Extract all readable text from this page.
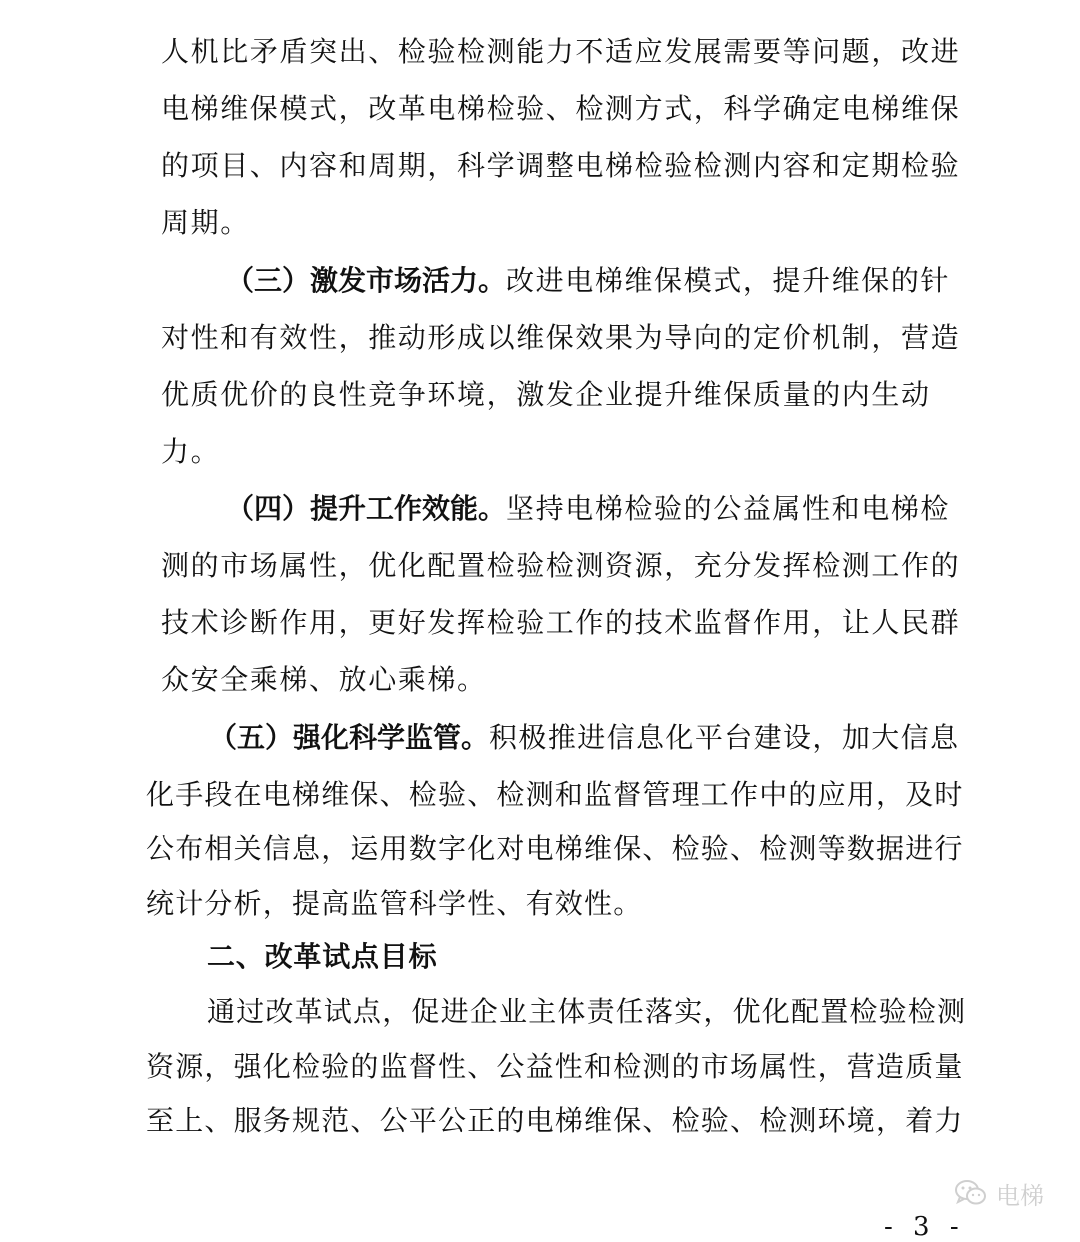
人机比矛盾突出、检验检测能力不适应发展需要等问题，改进
电梯维保模式，改革电梯检验、检测方式，科学确定电梯维保
的项目、内容和周期，科学调整电梯检验检测内容和定期检验
周期。
（三）激发市场活力。改进电梯维保模式，提升维保的针
对性和有效性，推动形成以维保效果为导向的定价机制，营造
优质优价的良性竞争环境，激发企业提升维保质量的内生动
力。
（四）提升工作效能。坚持电梯检验的公益属性和电梯检
测的市场属性，优化配置检验检测资源，充分发挥检测工作的
技术诊断作用，更好发挥检验工作的技术监督作用，让人民群
众安全乘梯、放心乘梯。
（五）强化科学监管。积极推进信息化平台建设，加大信息
化手段在电梯维保、检验、检测和监督管理工作中的应用，及时
公布相关信息，运用数字化对电梯维保、检验、检测等数据进行
统计分析，提高监管科学性、有效性。
二、改革试点目标
通过改革试点，促进企业主体责任落实，优化配置检验检测
资源，强化检验的监督性、公益性和检测的市场属性，营造质量
至上、服务规范、公平公正的电梯维保、检验、检测环境，着力
电梯
- 3 -
